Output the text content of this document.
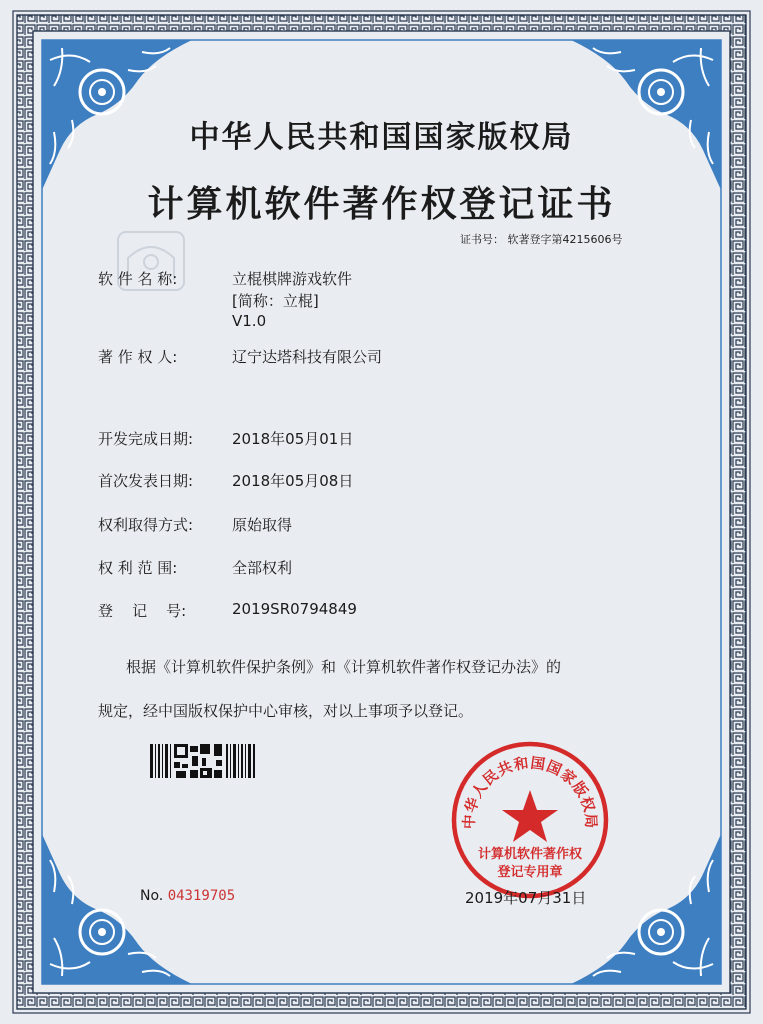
中华人民共和国国家版权局
计算机软件著作权登记证书
证书号： 软著登字第4215606号
软 件 名 称:	立棍棋牌游戏软件
[简称：立棍]
V1.0
著 作 权 人:	辽宁达塔科技有限公司
开发完成日期:	2018年05月01日
首次发表日期:	2018年05月08日
权利取得方式:	原始取得
权 利 范 围:	全部权利
登    记    号:	2019SR0794849
根据《计算机软件保护条例》和《计算机软件著作权登记办法》的
规定，经中国版权保护中心审核，对以上事项予以登记。
中华人民共和国国家版权局
计算机软件著作权
登记专用章
No. 04319705	2019年07月31日
